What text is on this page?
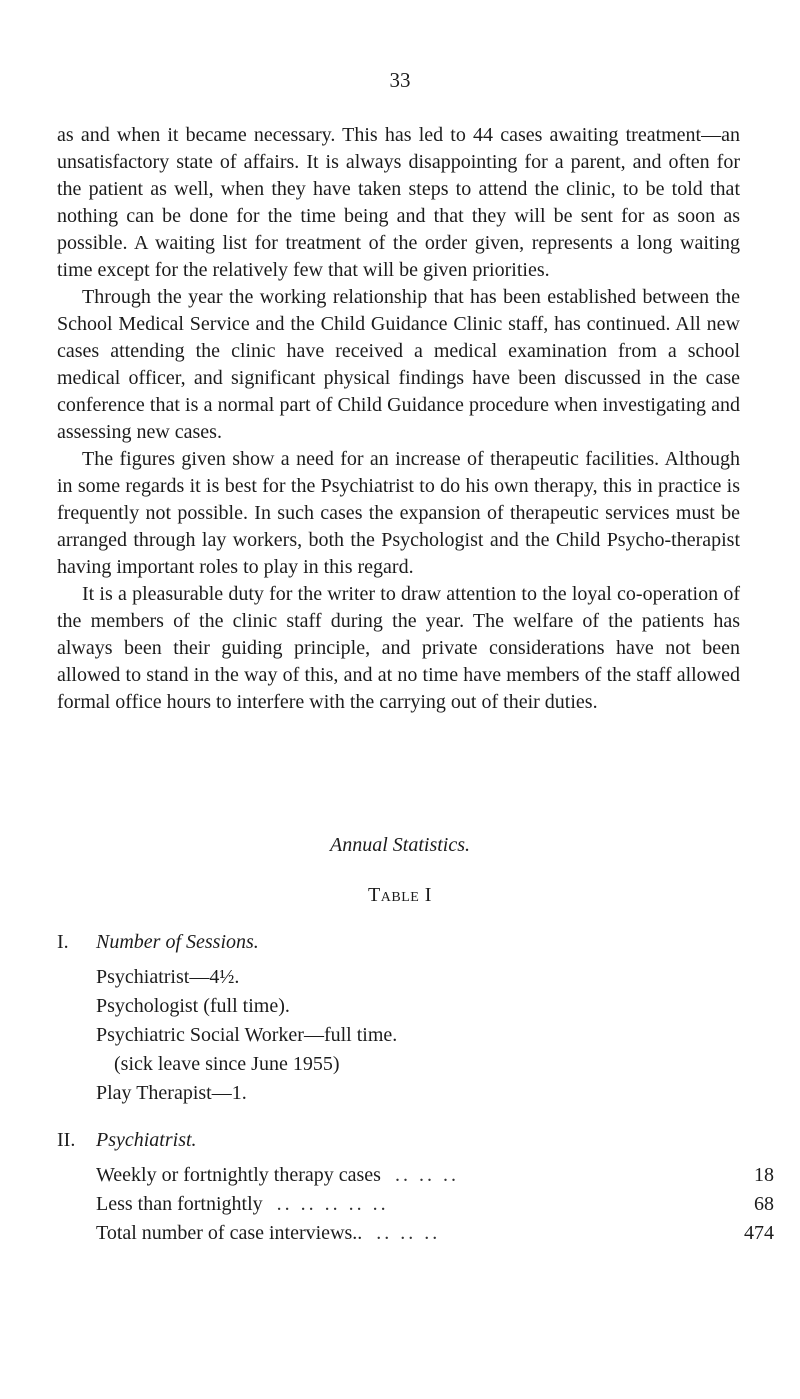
33

as and when it became necessary. This has led to 44 cases awaiting treatment—an unsatisfactory state of affairs. It is always disappointing for a parent, and often for the patient as well, when they have taken steps to attend the clinic, to be told that nothing can be done for the time being and that they will be sent for as soon as possible. A waiting list for treatment of the order given, represents a long waiting time except for the relatively few that will be given priorities.

Through the year the working relationship that has been established between the School Medical Service and the Child Guidance Clinic staff, has continued. All new cases attending the clinic have received a medical examination from a school medical officer, and significant physical findings have been discussed in the case conference that is a normal part of Child Guidance procedure when investigating and assessing new cases.

The figures given show a need for an increase of therapeutic facilities. Although in some regards it is best for the Psychiatrist to do his own therapy, this in practice is frequently not possible. In such cases the expansion of therapeutic services must be arranged through lay workers, both the Psychologist and the Child Psycho-therapist having important roles to play in this regard.

It is a pleasurable duty for the writer to draw attention to the loyal co-operation of the members of the clinic staff during the year. The welfare of the patients has always been their guiding principle, and private considerations have not been allowed to stand in the way of this, and at no time have members of the staff allowed formal office hours to interfere with the carrying out of their duties.

Annual Statistics.
Table I
I.	Number of Sessions.
Psychiatrist—4½.
Psychologist (full time).
Psychiatric Social Worker—full time.
(sick leave since June 1955)
Play Therapist—1.
II.	Psychiatrist.
Weekly or fortnightly therapy cases .. .. ..	18
Less than fortnightly .. .. .. .. ..	68
Total number of case interviews.. .. .. ..	474
